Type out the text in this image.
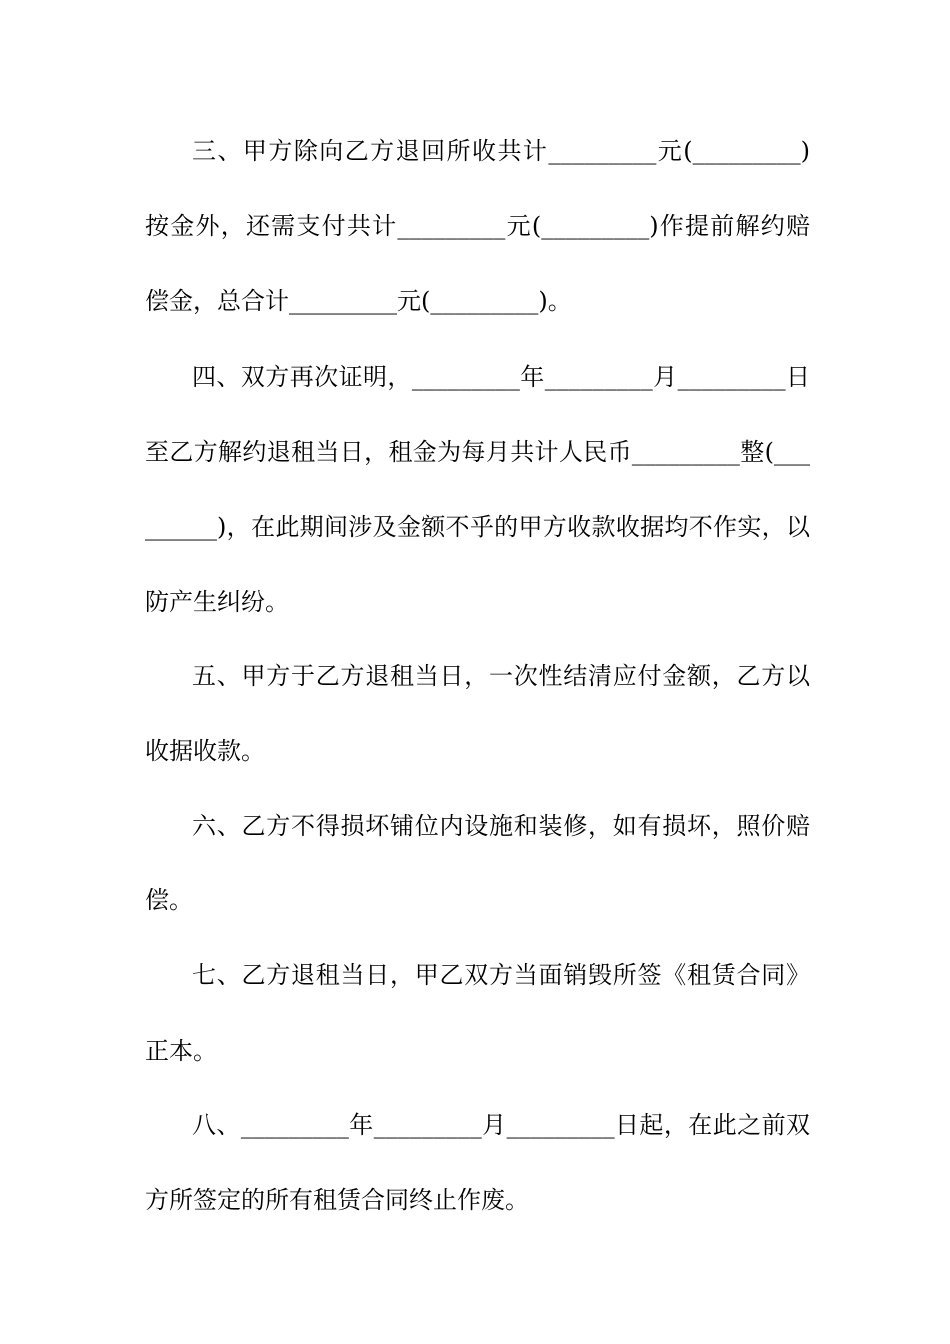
三、甲方除向乙方退回所收共计_________元(_________)
按金外，还需支付共计_________元(_________)作提前解约赔
偿金，总合计_________元(_________)。
四、双方再次证明，_________年_________月_________日
至乙方解约退租当日，租金为每月共计人民币_________整(___
______)，在此期间涉及金额不乎的甲方收款收据均不作实，以
防产生纠纷。
五、甲方于乙方退租当日，一次性结清应付金额，乙方以
收据收款。
六、乙方不得损坏铺位内设施和装修，如有损坏，照价赔
偿。
七、乙方退租当日，甲乙双方当面销毁所签《租赁合同》
正本。
八、_________年_________月_________日起，在此之前双
方所签定的所有租赁合同终止作废。
